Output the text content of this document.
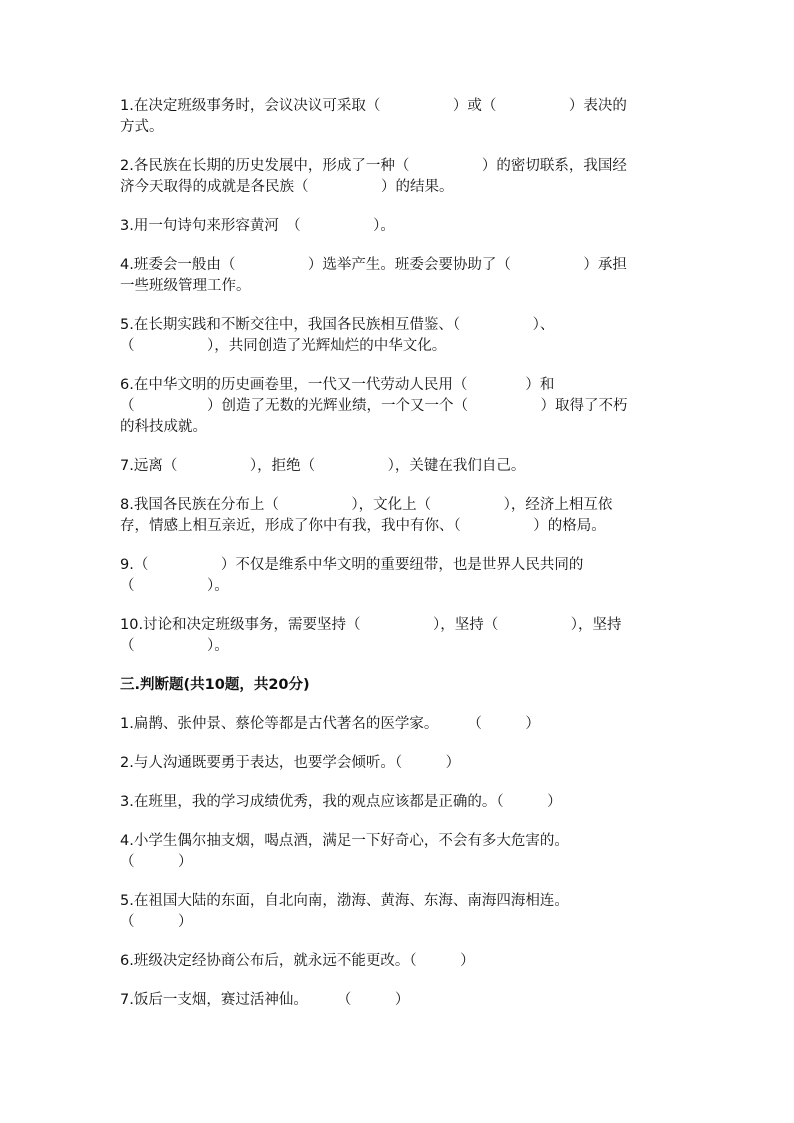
1.在决定班级事务时，会议决议可采取（　　　　　）或（　　　　　）表决的

方式。

2.各民族在长期的历史发展中，形成了一种（　　　　　）的密切联系，我国经

济今天取得的成就是各民族（　　　　　）的结果。

3.用一句诗句来形容黄河　（　　　　　）。

4.班委会一般由（　　　　　）选举产生。班委会要协助了（　　　　　）承担

一些班级管理工作。

5.在长期实践和不断交往中，我国各民族相互借鉴、（　　　　　）、

（　　　　　），共同创造了光辉灿烂的中华文化。

6.在中华文明的历史画卷里，一代又一代劳动人民用（　　　　）和

（　　　　　）创造了无数的光辉业绩，一个又一个（　　　　　）取得了不朽

的科技成就。

7.远离（　　　　　），拒绝（　　　　　），关键在我们自己。

8.我国各民族在分布上（　　　　　），文化上（　　　　　），经济上相互依

存，情感上相互亲近，形成了你中有我，我中有你、（　　　　　）的格局。

9.（　　　　　）不仅是维系中华文明的重要纽带，也是世界人民共同的

（　　　　　）。

10.讨论和决定班级事务，需要坚持（　　　　　），坚持（　　　　　），坚持

（　　　　　）。

三.判断题(共10题，共20分)

1.扁鹊、张仲景、蔡伦等都是古代著名的医学家。　　　（　　　）

2.与人沟通既要勇于表达，也要学会倾听。（　　　）

3.在班里，我的学习成绩优秀，我的观点应该都是正确的。（　　　）

4.小学生偶尔抽支烟，喝点酒，满足一下好奇心，不会有多大危害的。

（　　　）

5.在祖国大陆的东面，自北向南，渤海、黄海、东海、南海四海相连。

（　　　）

6.班级决定经协商公布后，就永远不能更改。（　　　）

7.饭后一支烟，赛过活神仙。　　　（　　　）
